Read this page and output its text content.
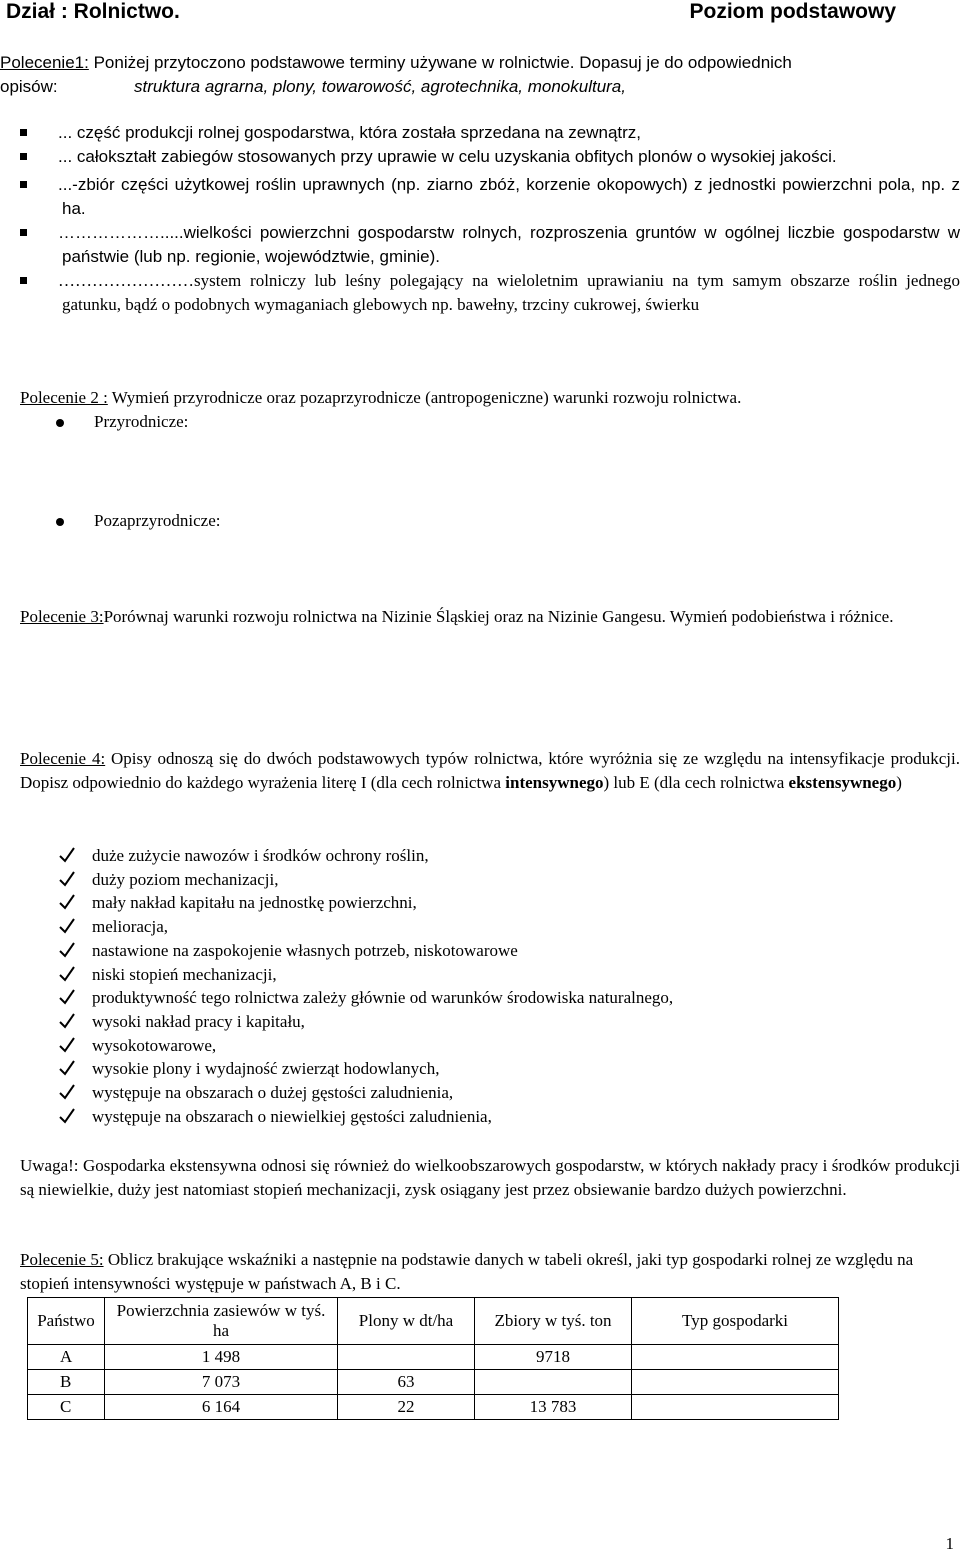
Dział : Rolnictwo.	Poziom podstawowy
Polecenie1: Poniżej przytoczono podstawowe terminy używane w rolnictwie. Dopasuj je do odpowiednich
opisów:	struktura agrarna, plony, towarowość, agrotechnika, monokultura,
... część produkcji rolnej gospodarstwa, która została sprzedana na zewnątrz,
... całokształt zabiegów stosowanych przy uprawie w celu uzyskania obfitych plonów o wysokiej jakości.
...-zbiór części użytkowej roślin uprawnych (np. ziarno zbóż, korzenie okopowych) z jednostki powierzchni pola, np. z ha.
……………….....wielkości powierzchni gospodarstw rolnych, rozproszenia gruntów w ogólnej liczbie gospodarstw w państwie (lub np. regionie, województwie, gminie).
……………………system rolniczy lub leśny polegający na wieloletnim uprawianiu na tym samym obszarze roślin jednego gatunku, bądź o podobnych wymaganiach glebowych np. bawełny, trzciny cukrowej, świerku
Polecenie 2 : Wymień przyrodnicze oraz pozaprzyrodnicze (antropogeniczne) warunki rozwoju rolnictwa.
Przyrodnicze:
Pozaprzyrodnicze:
Polecenie 3:Porównaj warunki rozwoju rolnictwa na Nizinie Śląskiej oraz na Nizinie Gangesu. Wymień podobieństwa i różnice.
Polecenie 4: Opisy odnoszą się do dwóch podstawowych typów rolnictwa, które wyróżnia się ze względu na intensyfikacje produkcji. Dopisz odpowiednio do każdego wyrażenia literę I (dla cech rolnictwa intensywnego) lub E (dla cech rolnictwa ekstensywnego)
duże zużycie nawozów i środków ochrony roślin,
duży poziom mechanizacji,
mały nakład kapitału na jednostkę powierzchni,
melioracja,
nastawione na zaspokojenie własnych potrzeb, niskotowarowe
niski stopień mechanizacji,
produktywność tego rolnictwa zależy głównie od warunków środowiska naturalnego,
wysoki nakład pracy i kapitału,
wysokotowarowe,
wysokie plony i wydajność zwierząt hodowlanych,
występuje na obszarach o dużej gęstości zaludnienia,
występuje na obszarach o niewielkiej gęstości zaludnienia,
Uwaga!: Gospodarka ekstensywna odnosi się również do wielkoobszarowych gospodarstw, w których nakłady pracy i środków produkcji są niewielkie, duży jest natomiast stopień mechanizacji, zysk osiągany jest przez obsiewanie bardzo dużych powierzchni.
Polecenie 5: Oblicz brakujące wskaźniki a następnie na podstawie danych w tabeli określ, jaki typ gospodarki rolnej ze względu na stopień intensywności występuje w państwach A, B i C.
Państwo	Powierzchnia zasiewów w tyś. ha	Plony w dt/ha	Zbiory w tyś. ton	Typ gospodarki
A	1 498		9718	
B	7 073	63		
C	6 164	22	13 783	
1
